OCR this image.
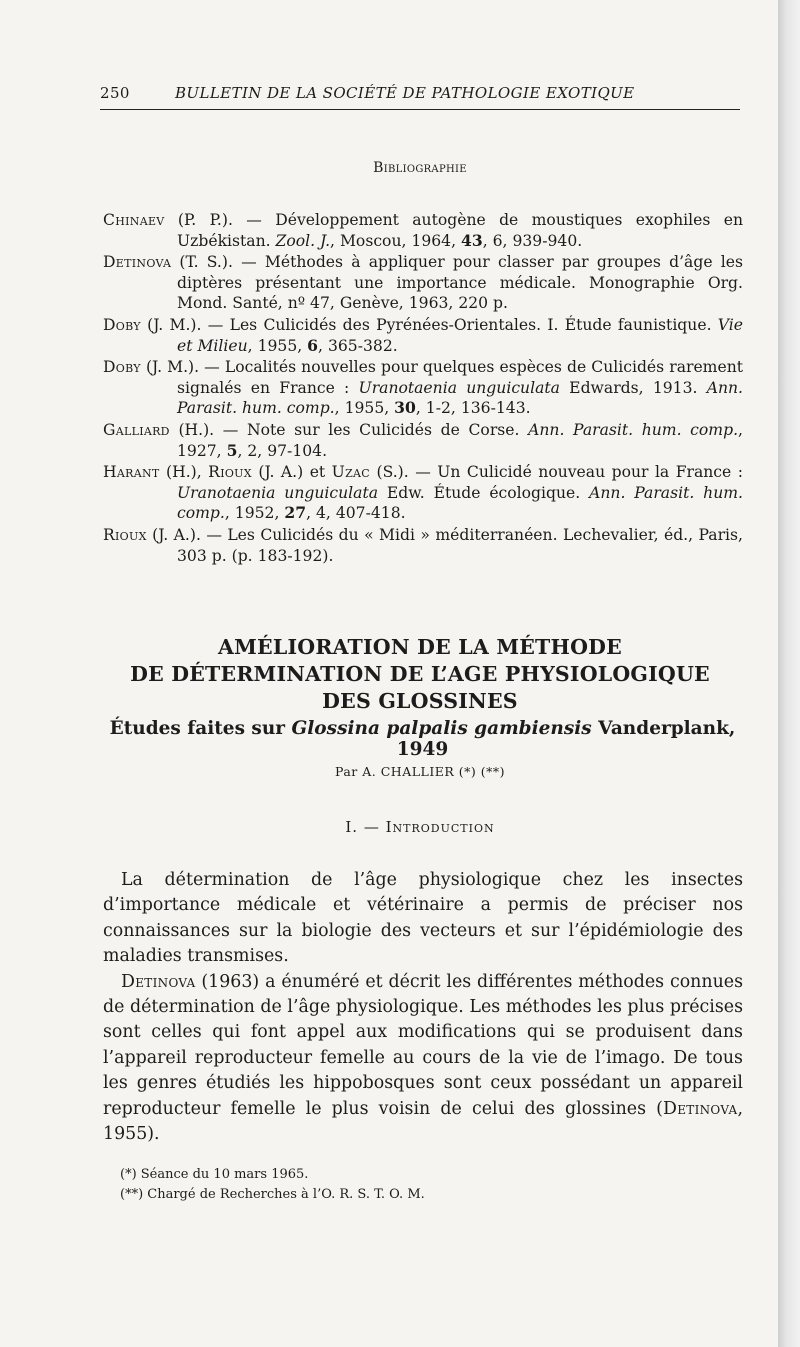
250	BULLETIN DE LA SOCIÉTÉ DE PATHOLOGIE EXOTIQUE
Bibliographie

Chinaev (P. P.). — Développement autogène de moustiques exophiles en Uzbékistan. Zool. J., Moscou, 1964, 43, 6, 939-940.

Detinova (T. S.). — Méthodes à appliquer pour classer par groupes d’âge les diptères présentant une importance médicale. Monographie Org. Mond. Santé, nº 47, Genève, 1963, 220 p.

Doby (J. M.). — Les Culicidés des Pyrénées-Orientales. I. Étude faunistique. Vie et Milieu, 1955, 6, 365-382.

Doby (J. M.). — Localités nouvelles pour quelques espèces de Culicidés rarement signalés en France : Uranotaenia unguiculata Edwards, 1913. Ann. Parasit. hum. comp., 1955, 30, 1-2, 136-143.

Galliard (H.). — Note sur les Culicidés de Corse. Ann. Parasit. hum. comp., 1927, 5, 2, 97-104.

Harant (H.), Rioux (J. A.) et Uzac (S.). — Un Culicidé nouveau pour la France : Uranotaenia unguiculata Edw. Étude écologique. Ann. Parasit. hum. comp., 1952, 27, 4, 407-418.

Rioux (J. A.). — Les Culicidés du « Midi » méditerranéen. Lechevalier, éd., Paris, 303 p. (p. 183-192).

AMÉLIORATION DE LA MÉTHODE
DE DÉTERMINATION DE L’AGE PHYSIOLOGIQUE
DES GLOSSINES
Études faites sur Glossina palpalis gambiensis Vanderplank, 1949
Par A. CHALLIER (*) (**)
I. — Introduction

La détermination de l’âge physiologique chez les insectes d’importance médicale et vétérinaire a permis de préciser nos connaissances sur la biologie des vecteurs et sur l’épidémiologie des maladies transmises.

Detinova (1963) a énuméré et décrit les différentes méthodes connues de détermination de l’âge physiologique. Les méthodes les plus précises sont celles qui font appel aux modifications qui se produisent dans l’appareil reproducteur femelle au cours de la vie de l’imago. De tous les genres étudiés les hippobosques sont ceux possédant un appareil reproducteur femelle le plus voisin de celui des glossines (Detinova, 1955).

(*) Séance du 10 mars 1965.
(**) Chargé de Recherches à l’O. R. S. T. O. M.
